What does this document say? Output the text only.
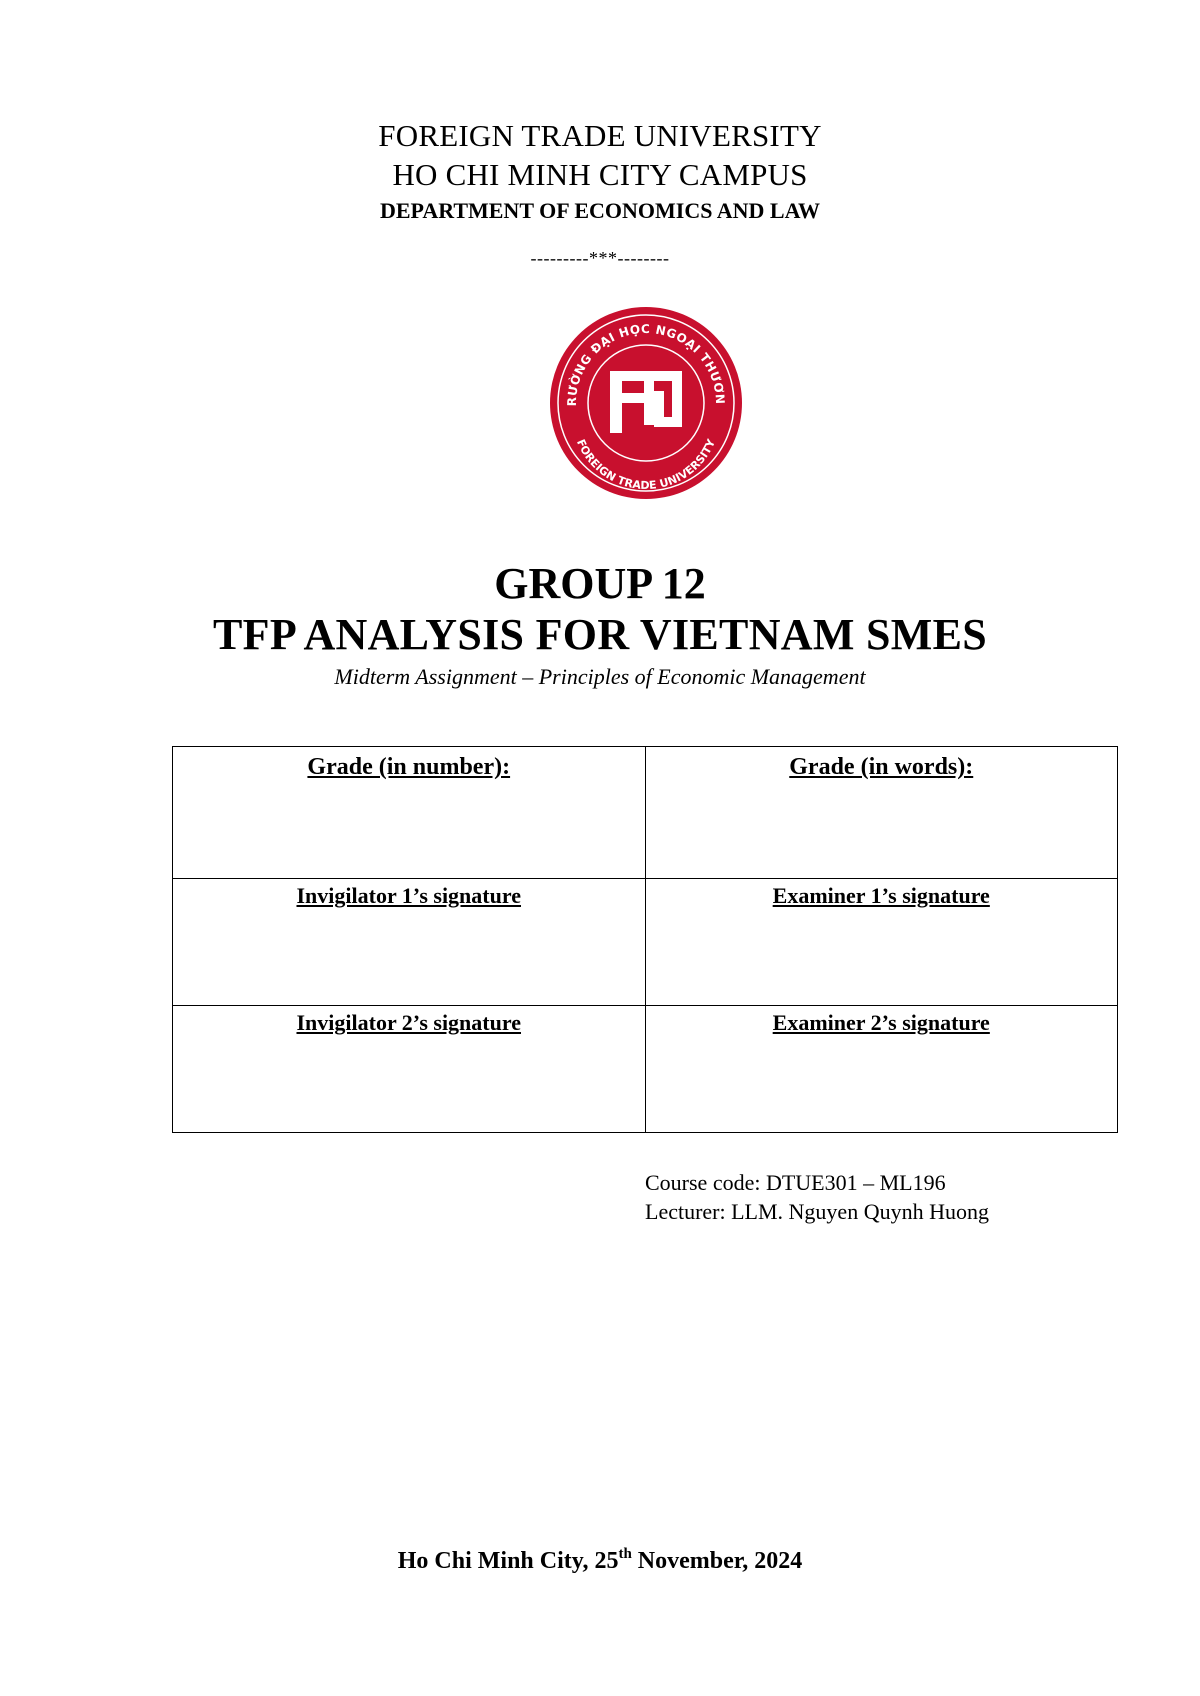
FOREIGN TRADE UNIVERSITY
HO CHI MINH CITY CAMPUS
DEPARTMENT OF ECONOMICS AND LAW
---------***--------
RƯỜNG ĐẠI HỌC NGOẠI THƯƠN
FOREIGN TRADE UNIVERSITY
GROUP 12
TFP ANALYSIS FOR VIETNAM SMES
Midterm Assignment – Principles of Economic Management
Grade (in number):	Grade (in words):
Invigilator 1’s signature	Examiner 1’s signature
Invigilator 2’s signature	Examiner 2’s signature
Course code: DTUE301 – ML196
Lecturer: LLM. Nguyen Quynh Huong
Ho Chi Minh City, 25th November, 2024
